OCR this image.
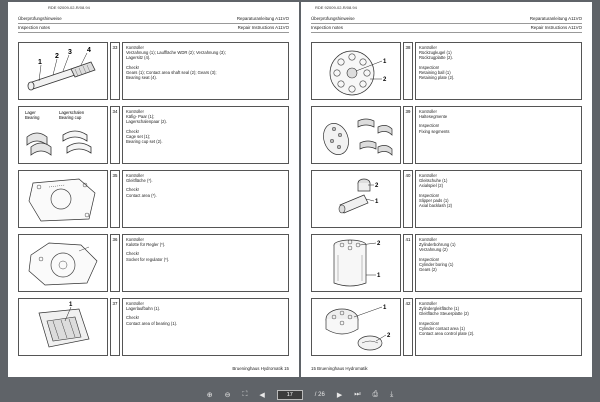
RDE 92009-02-R/08.94
Überprüfungshinweise	Reparaturanleitung A11VO
Inspection notes	Repair Instructions A11VO
1
2
3 4	33	Kontrolle!
Verzahnung (1); Lauffläche WDR (2); Verzahnung (3);
Lagersitz (4).
Check!
Gears (1); Contact area shaft seal (2); Gears (3);
Bearing seat (4).
Lager
Bearing
Lagerschalen
Bearing cup
34	Kontrolle!
Käfig- Paar (1);
Lagerschalenpaar (2).
Check!
Cage set (1);
Bearing cup set (2).
35	Kontrolle!
Gleitfläche (*).
Check!
Contact area (*).
36	Kontrolle!
Kalotte für Regler (*).
Check!
Socket for regulator (*).
1	37	Kontrolle!
Lagerlaufbahn (1).
Check!
Contact area of bearing (1).
Brueninghaus Hydromatik 15
RDE 92009-02-R/08.94
Überprüfungshinweise	Reparaturanleitung A11VO
Inspection notes	Repair Instructions A11VO
1
2
38	Kontrolle!
Rückzugkugel (1)
Rückzugplatte (2).
Inspection!
Retaining ball (1)
Retaining plate (2).
39	Kontrolle!
Haltesegmente
Inspection!
Fixing segments
2
1
40	Kontrolle!
Gleitschuhe (1)
Axialspiel (2)
Inspection!
Slipper pads (1)
Axial backlash (2)
2
1
41	Kontrolle!
Zylinderbohrung (1)
Verzahnung (2)
Inspection!
Cylinder boring (1)
Gears (2)
1
2
42	Kontrolle!
Zylindergleitfläche (1)
Gleitfläche Steuerplatte (2)
Inspection!
Cylinder contact area (1)
Contact area control plate (2).
15 Brueninghaus Hydromatik
⊕ ⊖ ⛶ ◀	17	/ 26 ▶ ⏭ ⎙ ⤓
